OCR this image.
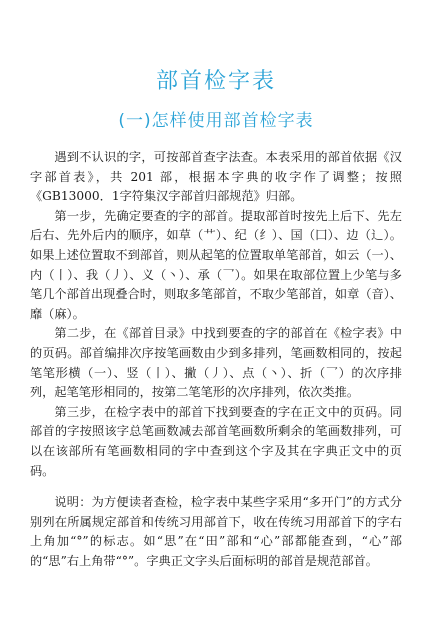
部首检字表
(一)怎样使用部首检字表

遇到不认识的字，可按部首查字法查。本表采用的部首依据《汉字部首表》，共 201 部，根据本字典的收字作了调整；按照《GB13000．1字符集汉字部首归部规范》归部。

第一步，先确定要查的字的部首。提取部首时按先上后下、先左后右、先外后内的顺序，如草（艹）、纪（纟）、国（囗）、边（辶）。如果上述位置取不到部首，则从起笔的位置取单笔部首，如云（一）、内（丨）、我（丿）、义（丶）、承（乛）。如果在取部位置上少笔与多笔几个部首出现叠合时，则取多笔部首，不取少笔部首，如章（音）、靡（麻）。

第二步，在《部首目录》中找到要查的字的部首在《检字表》中的页码。部首编排次序按笔画数由少到多排列，笔画数相同的，按起笔笔形横（一）、竖（丨）、撇（丿）、点（丶）、折（乛）的次序排列，起笔笔形相同的，按第二笔笔形的次序排列，依次类推。

第三步，在检字表中的部首下找到要查的字在正文中的页码。同部首的字按照该字总笔画数减去部首笔画数所剩余的笔画数排列，可以在该部所有笔画数相同的字中查到这个字及其在字典正文中的页码。

说明：为方便读者查检，检字表中某些字采用“多开门”的方式分别列在所属规定部首和传统习用部首下，收在传统习用部首下的字右上角加“°”的标志。如“思”在“田”部和“心”部都能查到，“心”部的“思”右上角带“°”。字典正文字头后面标明的部首是规范部首。
